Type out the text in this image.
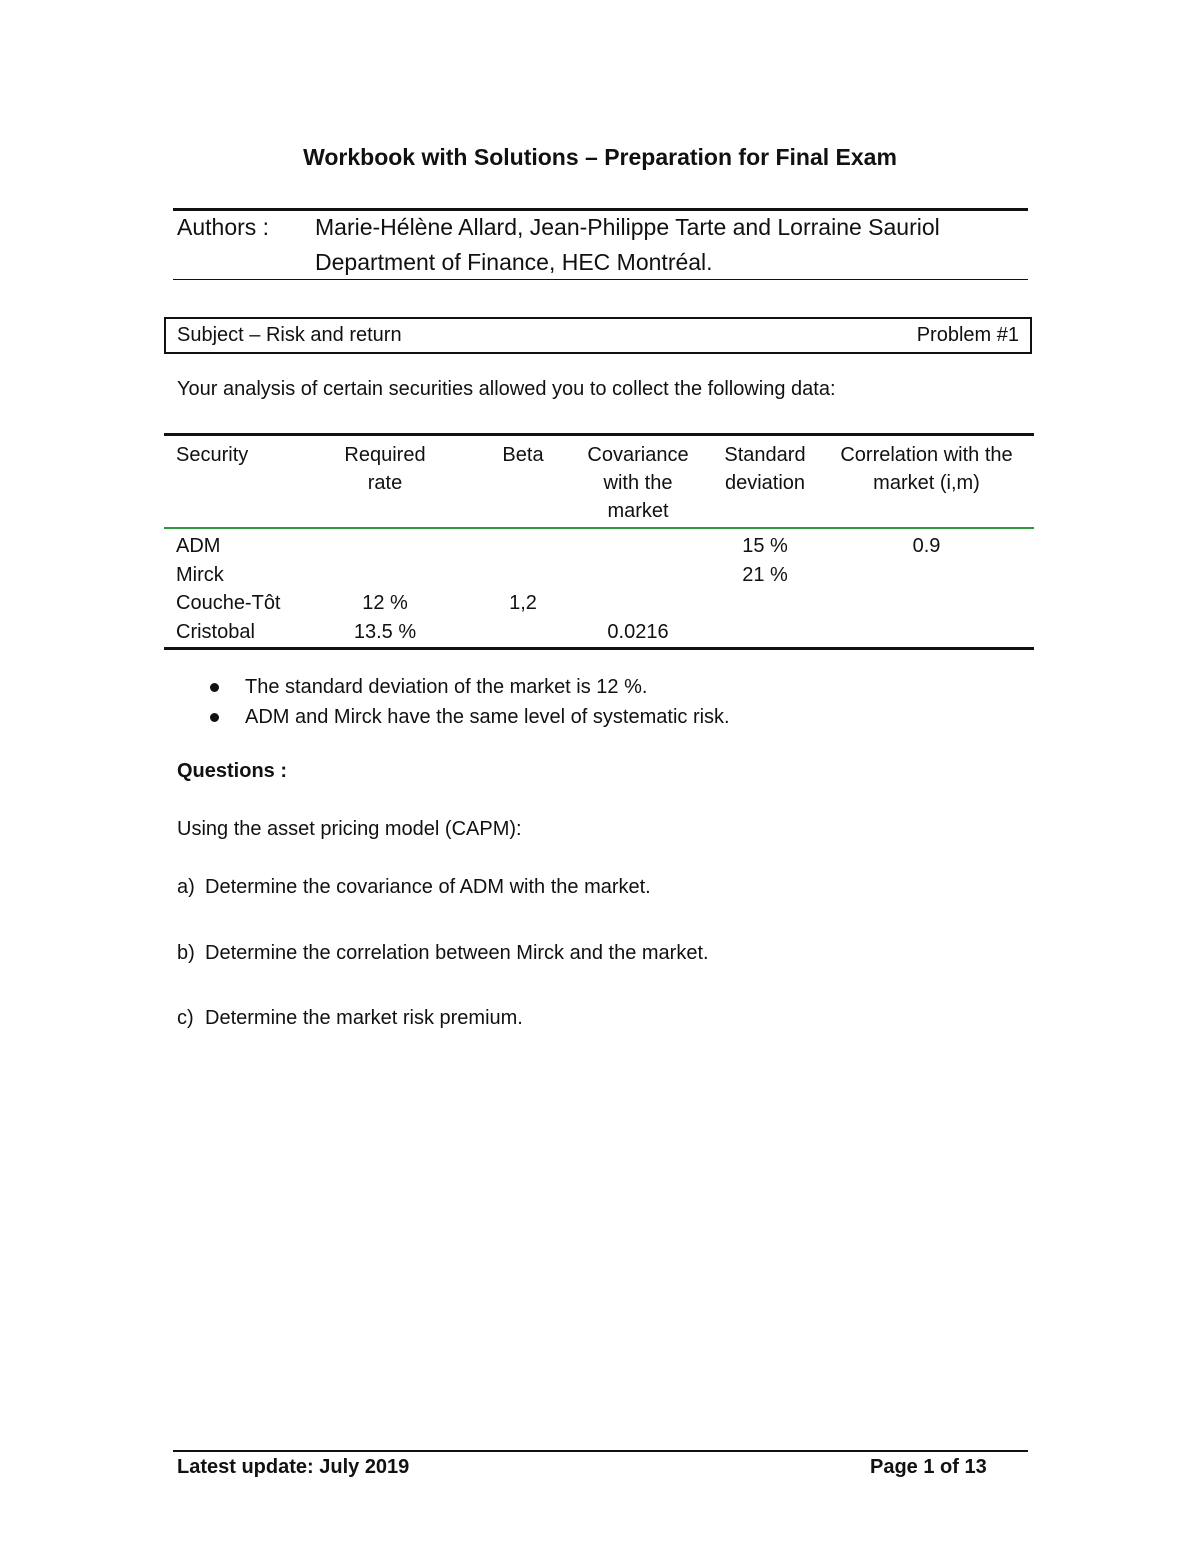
Workbook with Solutions – Preparation for Final Exam
Authors : Marie-Hélène Allard, Jean-Philippe Tarte and Lorraine Sauriol
Department of Finance, HEC Montréal.
Subject – Risk and return	Problem #1
Your analysis of certain securities allowed you to collect the following data:
Security	Required rate	Beta	Covariance with the market	Standard deviation	Correlation with the market (i,m)

ADM				15 %	0.9
Mirck				21 %	
Couche-Tôt	12 %	1,2			
Cristobal	13.5 %		0.0216		
The standard deviation of the market is 12 %.
ADM and Mirck have the same level of systematic risk.
Questions :
Using the asset pricing model (CAPM):
a) Determine the covariance of ADM with the market.
b) Determine the correlation between Mirck and the market.
c) Determine the market risk premium.
Latest update: July 2019	Page 1 of 13
